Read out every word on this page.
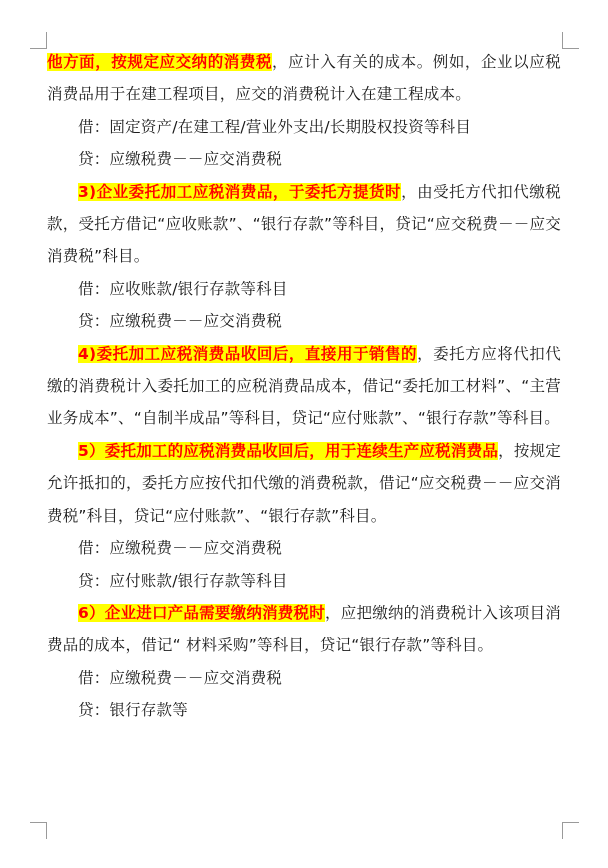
他方面，按规定应交纳的消费税，应计入有关的成本。例如，企业以应税消费品用于在建工程项目，应交的消费税计入在建工程成本。

借：固定资产/在建工程/营业外支出/长期股权投资等科目

贷：应缴税费－－应交消费税

3)企业委托加工应税消费品，于委托方提货时，由受托方代扣代缴税款，受托方借记“应收账款”、“银行存款”等科目，贷记“应交税费－－应交消费税”科目。

借：应收账款/银行存款等科目

贷：应缴税费－－应交消费税

4)委托加工应税消费品收回后，直接用于销售的，委托方应将代扣代缴的消费税计入委托加工的应税消费品成本，借记“委托加工材料”、“主营业务成本”、“自制半成品”等科目，贷记“应付账款”、“银行存款”等科目。

5）委托加工的应税消费品收回后，用于连续生产应税消费品，按规定允许抵扣的，委托方应按代扣代缴的消费税款，借记“应交税费－－应交消费税”科目，贷记“应付账款”、“银行存款”科目。

借：应缴税费－－应交消费税

贷：应付账款/银行存款等科目

6）企业进口产品需要缴纳消费税时，应把缴纳的消费税计入该项目消费品的成本，借记“ 材料采购”等科目，贷记“银行存款”等科目。

借：应缴税费－－应交消费税

贷：银行存款等
